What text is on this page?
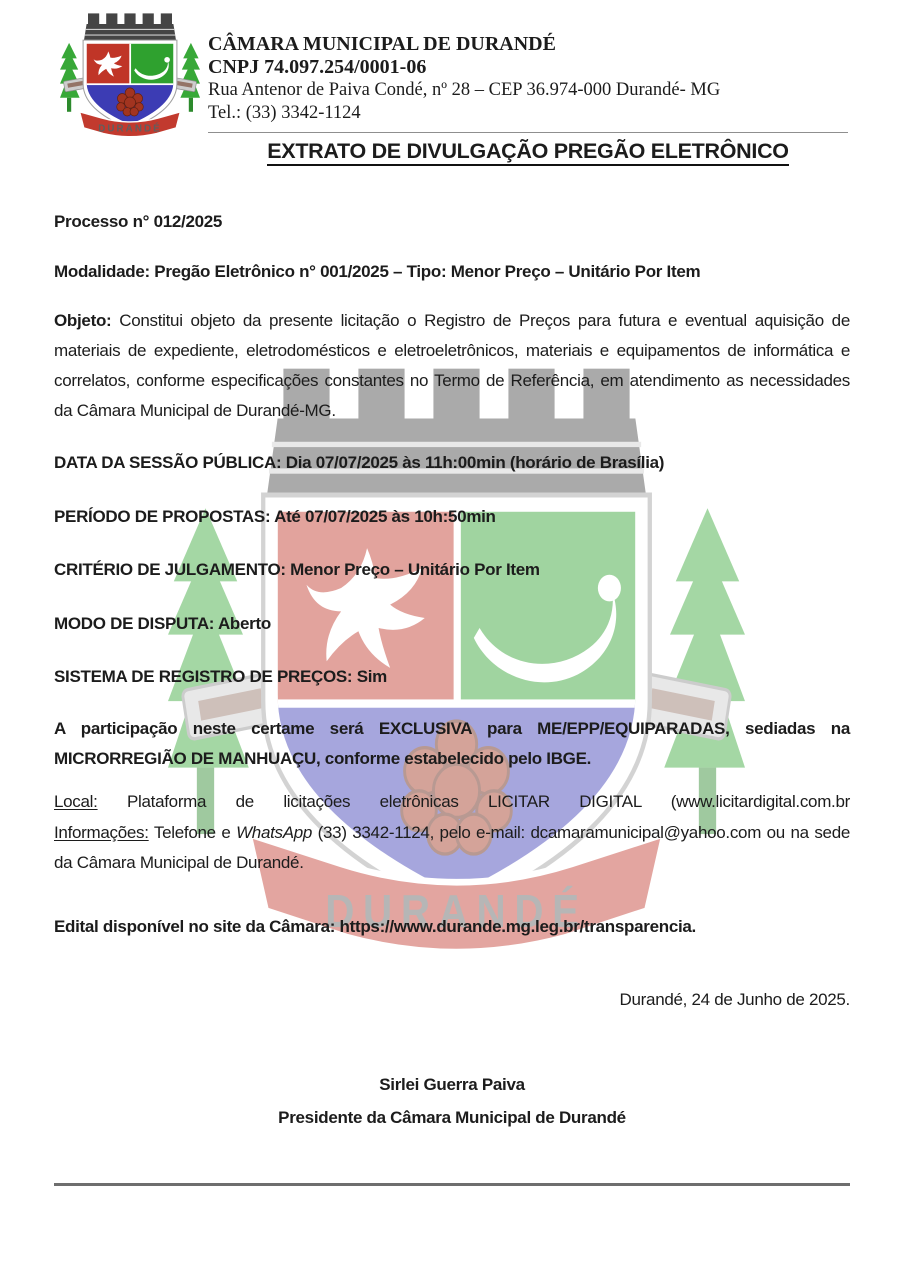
CÂMARA MUNICIPAL DE DURANDÉ
CNPJ 74.097.254/0001-06
Rua Antenor de Paiva Condé, nº 28 – CEP 36.974-000 Durandé- MG
Tel.: (33) 3342-1124
EXTRATO DE DIVULGAÇÃO PREGÃO ELETRÔNICO

Processo n° 012/2025

Modalidade: Pregão Eletrônico n° 001/2025 – Tipo: Menor Preço – Unitário Por Item

Objeto: Constitui objeto da presente licitação o Registro de Preços para futura e eventual aquisição de materiais de expediente, eletrodomésticos e eletroeletrônicos, materiais e equipamentos de informática e correlatos, conforme especificações constantes no Termo de Referência, em atendimento as necessidades da Câmara Municipal de Durandé-MG.

DATA DA SESSÃO PÚBLICA: Dia 07/07/2025 às 11h:00min (horário de Brasília)

PERÍODO DE PROPOSTAS: Até 07/07/2025 às 10h:50min

CRITÉRIO DE JULGAMENTO: Menor Preço – Unitário Por Item

MODO DE DISPUTA: Aberto

SISTEMA DE REGISTRO DE PREÇOS: Sim

A participação neste certame será EXCLUSIVA para ME/EPP/EQUIPARADAS, sediadas na MICRORREGIÃO DE MANHUAÇU, conforme estabelecido pelo IBGE.

Local: Plataforma de licitações eletrônicas LICITAR DIGITAL (www.licitardigital.com.br

Informações: Telefone e WhatsApp (33) 3342-1124, pelo e-mail: dcamaramunicipal@yahoo.com ou na sede da Câmara Municipal de Durandé.

Edital disponível no site da Câmara: https://www.durande.mg.leg.br/transparencia.

Durandé, 24 de Junho de 2025.

Sirlei Guerra Paiva

Presidente da Câmara Municipal de Durandé
